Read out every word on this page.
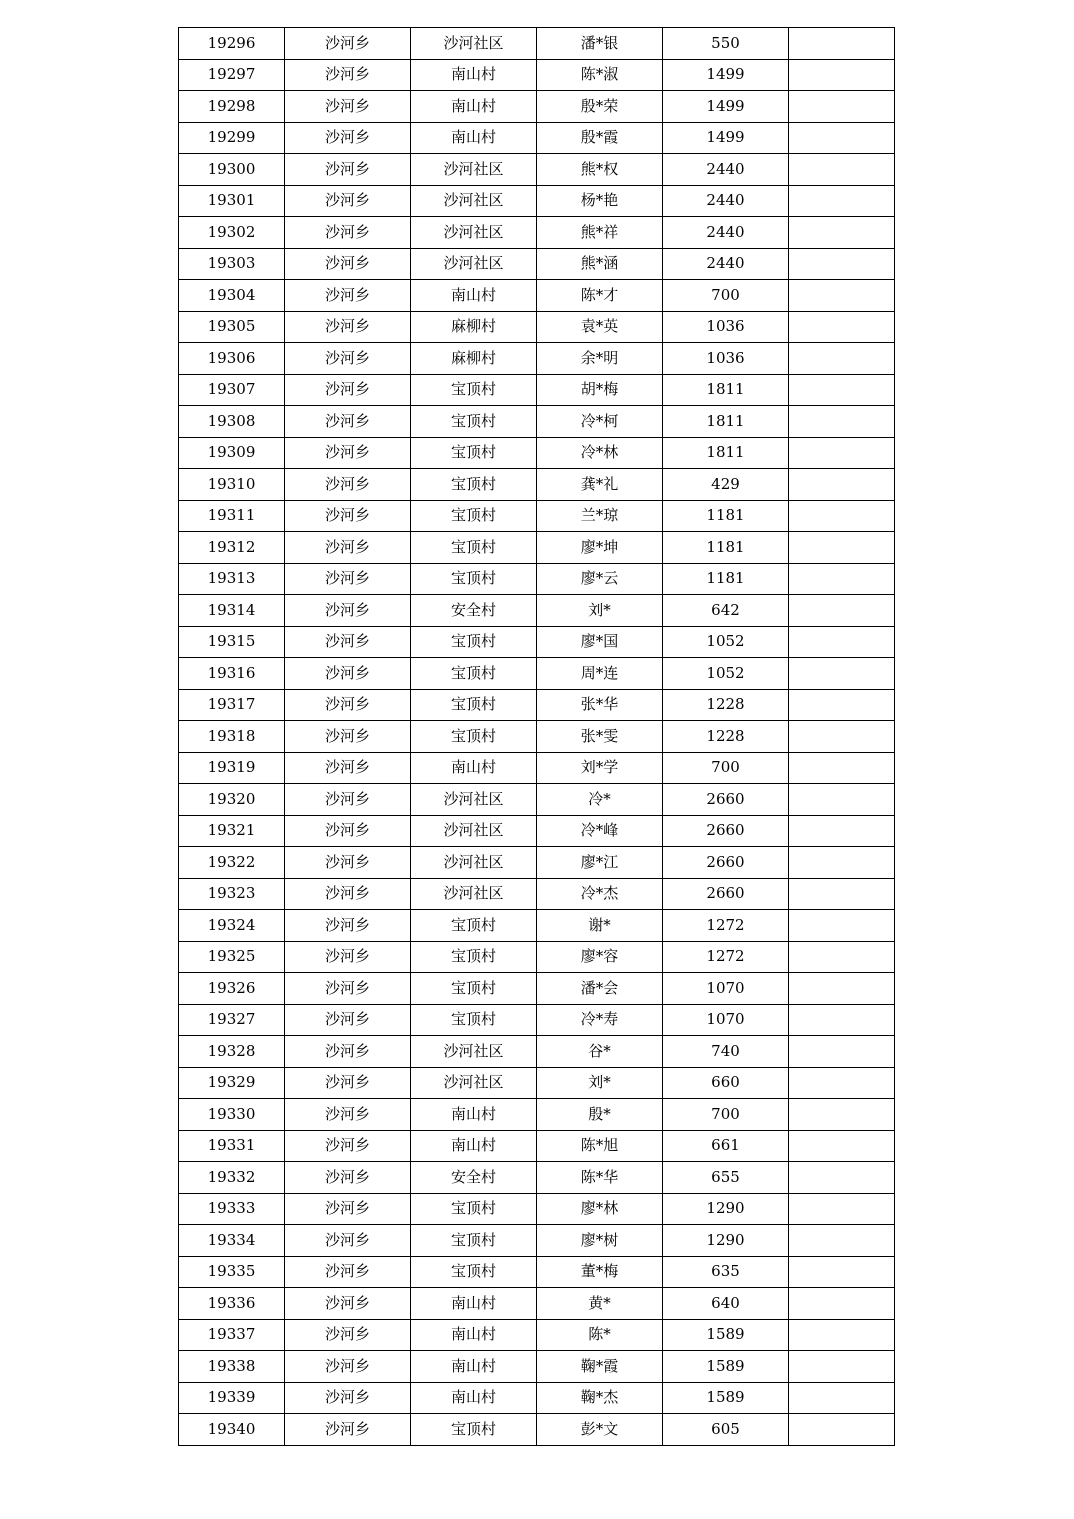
19296	沙河乡	沙河社区	潘*银	550	
19297	沙河乡	南山村	陈*淑	1499	
19298	沙河乡	南山村	殷*荣	1499	
19299	沙河乡	南山村	殷*霞	1499	
19300	沙河乡	沙河社区	熊*权	2440	
19301	沙河乡	沙河社区	杨*艳	2440	
19302	沙河乡	沙河社区	熊*祥	2440	
19303	沙河乡	沙河社区	熊*涵	2440	
19304	沙河乡	南山村	陈*才	700	
19305	沙河乡	麻柳村	袁*英	1036	
19306	沙河乡	麻柳村	余*明	1036	
19307	沙河乡	宝顶村	胡*梅	1811	
19308	沙河乡	宝顶村	冷*柯	1811	
19309	沙河乡	宝顶村	冷*林	1811	
19310	沙河乡	宝顶村	龚*礼	429	
19311	沙河乡	宝顶村	兰*琼	1181	
19312	沙河乡	宝顶村	廖*坤	1181	
19313	沙河乡	宝顶村	廖*云	1181	
19314	沙河乡	安全村	刘*	642	
19315	沙河乡	宝顶村	廖*国	1052	
19316	沙河乡	宝顶村	周*连	1052	
19317	沙河乡	宝顶村	张*华	1228	
19318	沙河乡	宝顶村	张*雯	1228	
19319	沙河乡	南山村	刘*学	700	
19320	沙河乡	沙河社区	冷*	2660	
19321	沙河乡	沙河社区	冷*峰	2660	
19322	沙河乡	沙河社区	廖*江	2660	
19323	沙河乡	沙河社区	冷*杰	2660	
19324	沙河乡	宝顶村	谢*	1272	
19325	沙河乡	宝顶村	廖*容	1272	
19326	沙河乡	宝顶村	潘*会	1070	
19327	沙河乡	宝顶村	冷*寿	1070	
19328	沙河乡	沙河社区	谷*	740	
19329	沙河乡	沙河社区	刘*	660	
19330	沙河乡	南山村	殷*	700	
19331	沙河乡	南山村	陈*旭	661	
19332	沙河乡	安全村	陈*华	655	
19333	沙河乡	宝顶村	廖*林	1290	
19334	沙河乡	宝顶村	廖*树	1290	
19335	沙河乡	宝顶村	董*梅	635	
19336	沙河乡	南山村	黄*	640	
19337	沙河乡	南山村	陈*	1589	
19338	沙河乡	南山村	鞠*霞	1589	
19339	沙河乡	南山村	鞠*杰	1589	
19340	沙河乡	宝顶村	彭*文	605	
